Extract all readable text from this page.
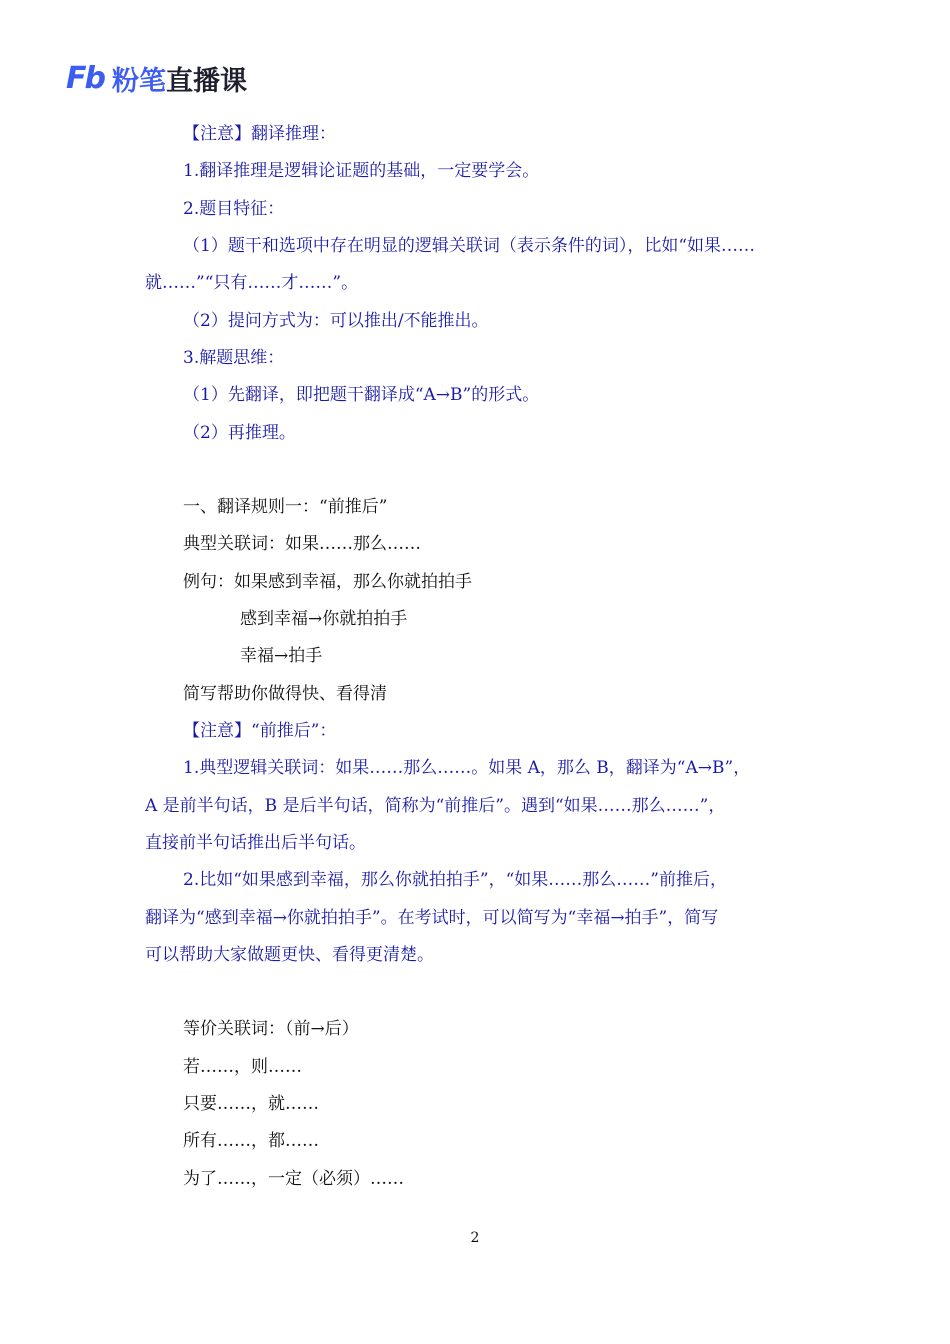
Fb 粉笔 直播课
【注意】翻译推理：
1.翻译推理是逻辑论证题的基础，一定要学会。
2.题目特征：
（1）题干和选项中存在明显的逻辑关联词（表示条件的词），比如“如果……
就……”“只有……才……”。
（2）提问方式为：可以推出/不能推出。
3.解题思维：
（1）先翻译，即把题干翻译成“A→B”的形式。
（2）再推理。
一、翻译规则一：“前推后”
典型关联词：如果……那么……
例句：如果感到幸福，那么你就拍拍手
感到幸福→你就拍拍手
幸福→拍手
简写帮助你做得快、看得清
【注意】“前推后”：
1.典型逻辑关联词：如果……那么……。如果 A，那么 B，翻译为“A→B”，
A 是前半句话，B 是后半句话，简称为“前推后”。遇到“如果……那么……”，
直接前半句话推出后半句话。
2.比如“如果感到幸福，那么你就拍拍手”，“如果……那么……”前推后，
翻译为“感到幸福→你就拍拍手”。在考试时，可以简写为“幸福→拍手”，简写
可以帮助大家做题更快、看得更清楚。
等价关联词：（前→后）
若……，则……
只要……，就……
所有……，都……
为了……，一定（必须）……
2
